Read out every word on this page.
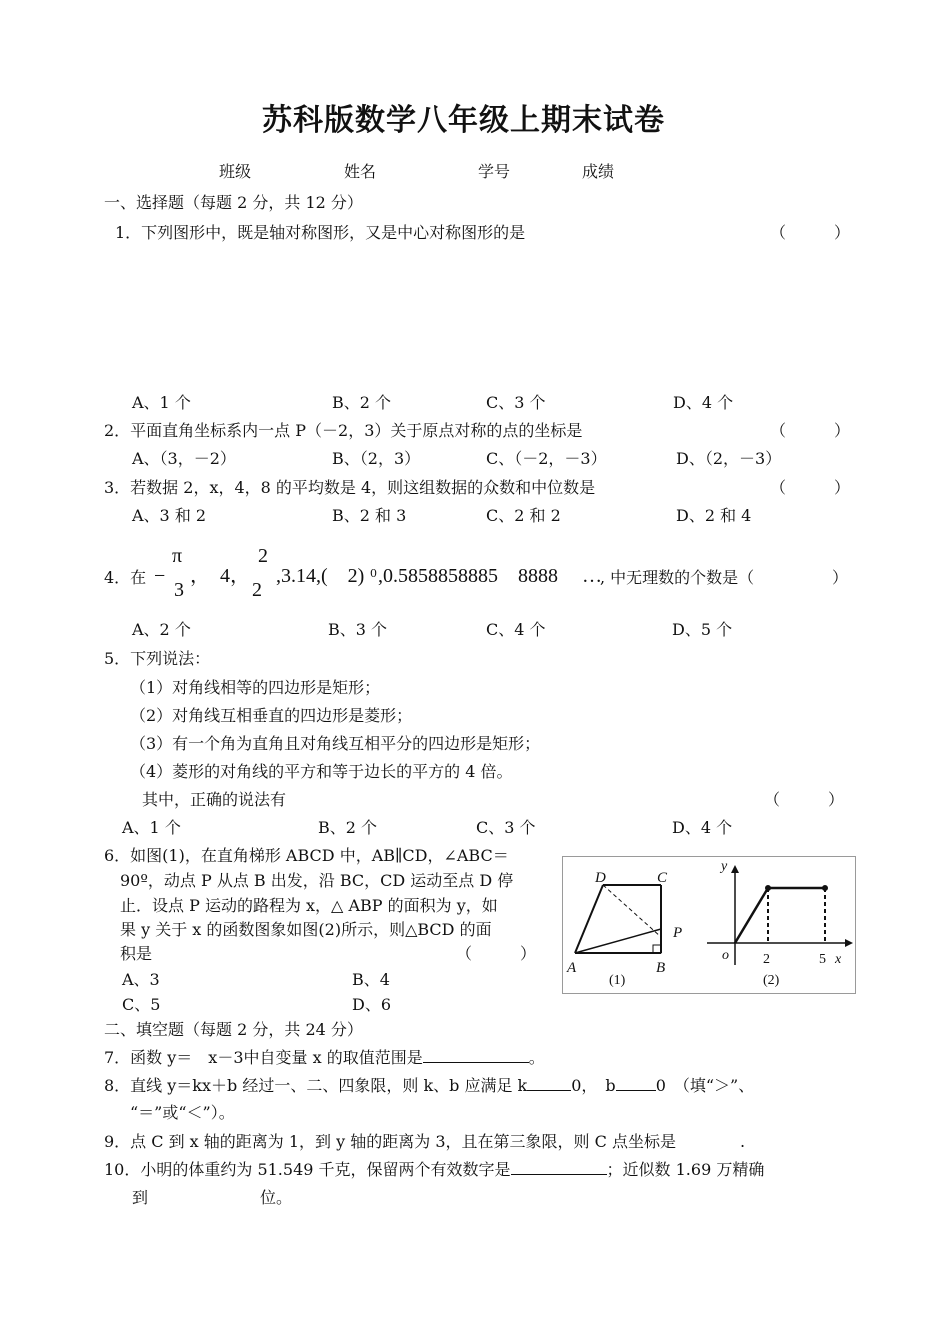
苏科版数学八年级上期末试卷
班级	姓名	学号	成绩
一、选择题（每题 2 分，共 12 分）
1．下列图形中，既是轴对称图形，又是中心对称图形的是	（　　　）
A、1 个	B、2 个	C、3 个	D、4 个
2．平面直角坐标系内一点 P（－2，3）关于原点对称的点的坐标是	（　　　）
A、（3，－2）	B、（2，3）	C、（－2，－3）	D、（2，－3）
3．若数据 2，x，4，8 的平均数是 4，则这组数据的众数和中位数是	（　　　）
A、3 和 2	B、2 和 3	C、2 和 2	D、2 和 4
4．在 −
π
3
，　4，
2
2
,3.14,(　2) 0 ,0.5858858885　8888 …
, 中无理数的个数是（	）
A、2 个	B、3 个	C、4 个	D、5 个
5．下列说法：
（1）对角线相等的四边形是矩形；
（2）对角线互相垂直的四边形是菱形；
（3）有一个角为直角且对角线互相平分的四边形是矩形；
（4）菱形的对角线的平方和等于边长的平方的 4 倍。
其中，正确的说法有	（　　　）
A、1 个	B、2 个	C、3 个	D、4 个
6．如图(1)，在直角梯形 ABCD 中，AB∥CD，∠ABC＝
90º，动点 P 从点 B 出发，沿 BC，CD 运动至点 D 停
止．设点 P 运动的路程为 x，△ ABP 的面积为 y，如
果 y 关于 x 的函数图象如图(2)所示，则△BCD 的面
积是	（　　　）
A、3	B、4
C、5	D、6
D	C
P
A	B
(1)
y
o 2	5 x
(2)
二、填空题（每题 2 分，共 24 分）
7．函数 y＝　x－3中自变量 x 的取值范围是	。
8．直线 y＝kx＋b 经过一、二、四象限，则 k、b 应满足 k	0，　b	0　（填“＞”、
“＝”或“＜”）。
9．点 C 到 x 轴的距离为 1，到 y 轴的距离为 3，且在第三象限，则 C 点坐标是　　　　.
10．小明的体重约为 51.549 千克，保留两个有效数字是	；近似数 1.69 万精确
到　　　　　　　位。
